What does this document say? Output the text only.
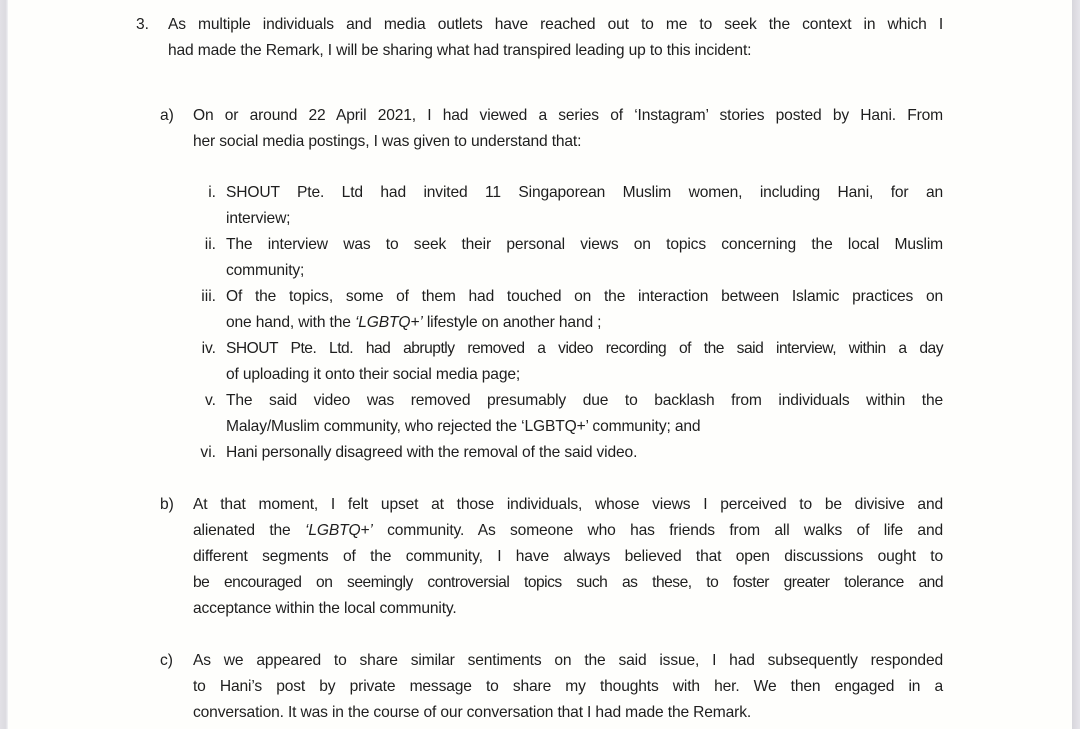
3. As multiple individuals and media outlets have reached out to me to seek the context in which I
had made the Remark, I will be sharing what had transpired leading up to this incident:
a) On or around 22 April 2021, I had viewed a series of ‘Instagram’ stories posted by Hani. From
her social media postings, I was given to understand that:
i. SHOUT Pte. Ltd had invited 11 Singaporean Muslim women, including Hani, for an
interview;
ii. The interview was to seek their personal views on topics concerning the local Muslim
community;
iii. Of the topics, some of them had touched on the interaction between Islamic practices on
one hand, with the ‘LGBTQ+’ lifestyle on another hand ;
iv. SHOUT Pte. Ltd. had abruptly removed a video recording of the said interview, within a day
of uploading it onto their social media page;
v. The said video was removed presumably due to backlash from individuals within the
Malay/Muslim community, who rejected the ‘LGBTQ+’ community; and
vi. Hani personally disagreed with the removal of the said video.
b) At that moment, I felt upset at those individuals, whose views I perceived to be divisive and
alienated the ‘LGBTQ+’ community. As someone who has friends from all walks of life and
different segments of the community, I have always believed that open discussions ought to
be encouraged on seemingly controversial topics such as these, to foster greater tolerance and
acceptance within the local community.
c) As we appeared to share similar sentiments on the said issue, I had subsequently responded
to Hani’s post by private message to share my thoughts with her. We then engaged in a
conversation. It was in the course of our conversation that I had made the Remark.
